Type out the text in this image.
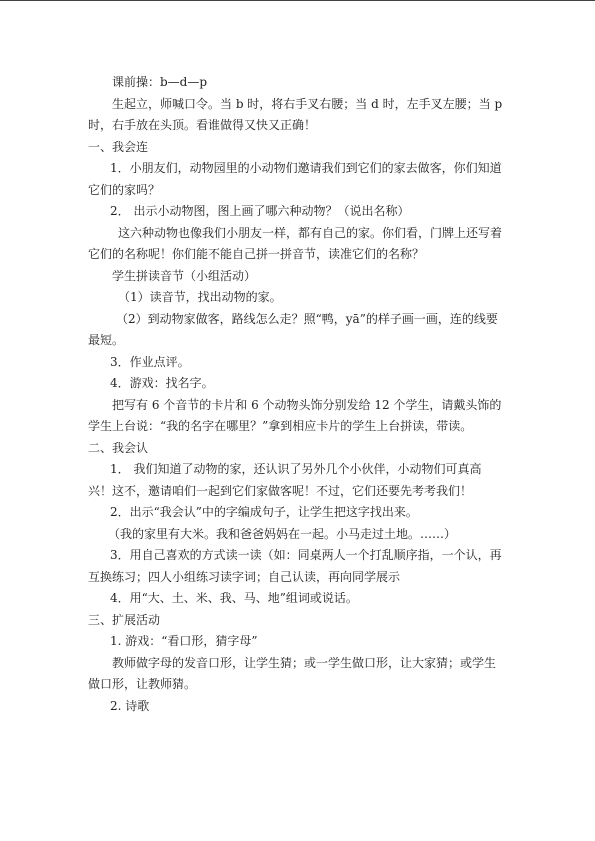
课前操：b—d—p
生起立，师喊口令。当 b 时，将右手叉右腰；当 d 时，左手叉左腰；当 p
时，右手放在头顶。看谁做得又快又正确！
一、我会连
1．小朋友们，动物园里的小动物们邀请我们到它们的家去做客，你们知道
它们的家吗？
2． 出示小动物图，图上画了哪六种动物？（说出名称）
这六种动物也像我们小朋友一样，都有自己的家。你们看，门牌上还写着
它们的名称呢！你们能不能自己拼一拼音节，读准它们的名称？
学生拼读音节（小组活动）
（1）读音节，找出动物的家。
（2）到动物家做客，路线怎么走？照“鸭，yā”的样子画一画，连的线要
最短。
3．作业点评。
4．游戏：找名字。
把写有 6 个音节的卡片和 6 个动物头饰分别发给 12 个学生，请戴头饰的
学生上台说：“我的名字在哪里？”拿到相应卡片的学生上台拼读，带读。
二、我会认
1． 我们知道了动物的家，还认识了另外几个小伙伴，小动物们可真高
兴！这不，邀请咱们一起到它们家做客呢！不过，它们还要先考考我们！
2．出示“我会认”中的字编成句子，让学生把这字找出来。
（我的家里有大米。我和爸爸妈妈在一起。小马走过土地。……）
3．用自己喜欢的方式读一读（如：同桌两人一个打乱顺序指，一个认，再
互换练习；四人小组练习读字词；自己认读，再向同学展示
4．用“大、土、米、我、马、地”组词或说话。
三、扩展活动
1. 游戏：“看口形，猜字母”
教师做字母的发音口形，让学生猜；或一学生做口形，让大家猜；或学生
做口形，让教师猜。
2. 诗歌
